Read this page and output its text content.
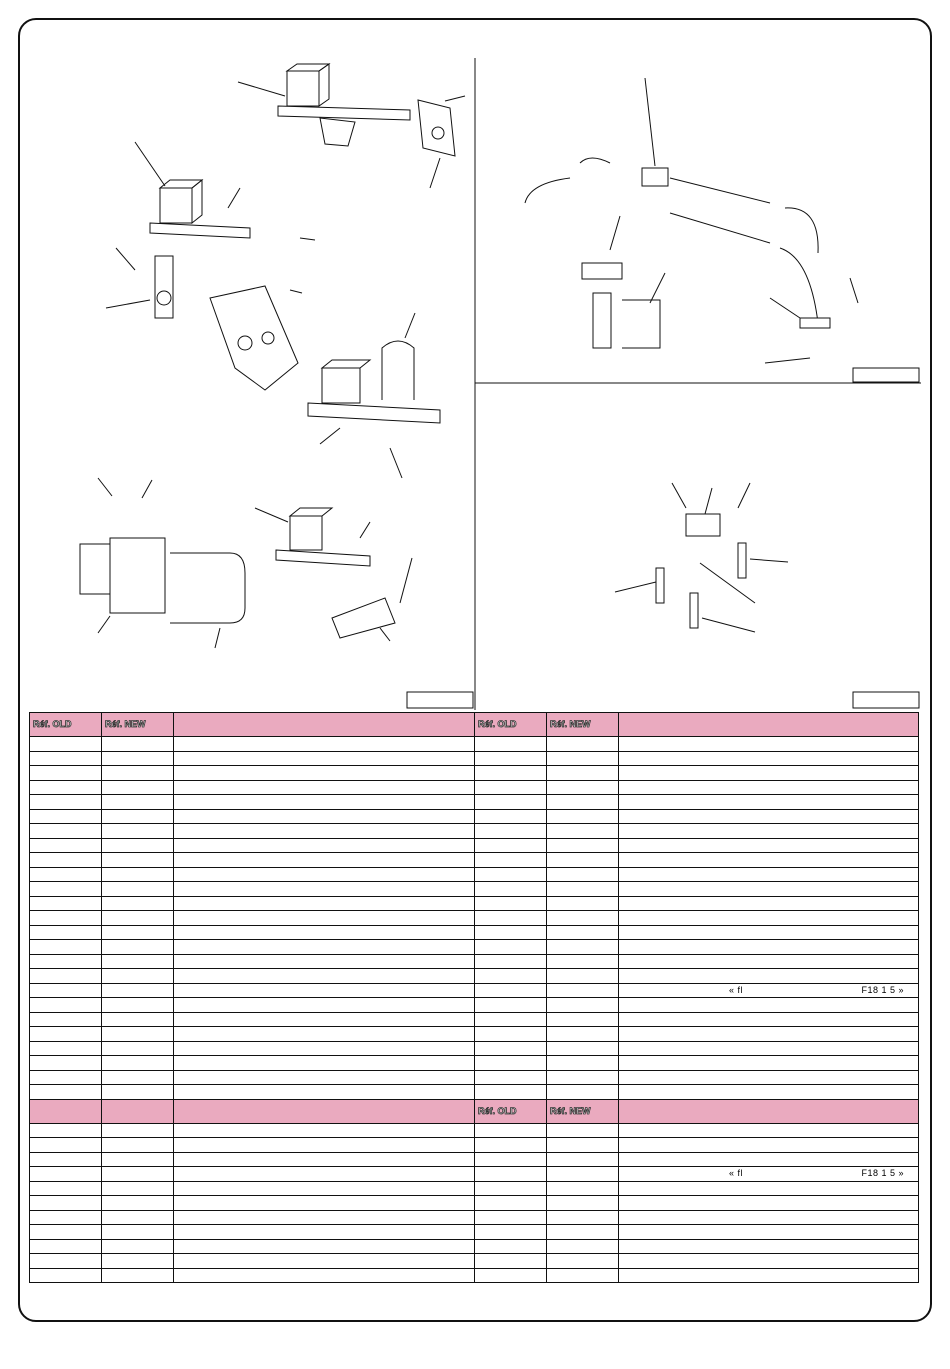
Réf. OLD	Réf. NEW		Réf. OLD	Réf. NEW	

					« fl F18 1 5 »

			Réf. OLD	Réf. NEW	

					« fl F18 1 5 »
